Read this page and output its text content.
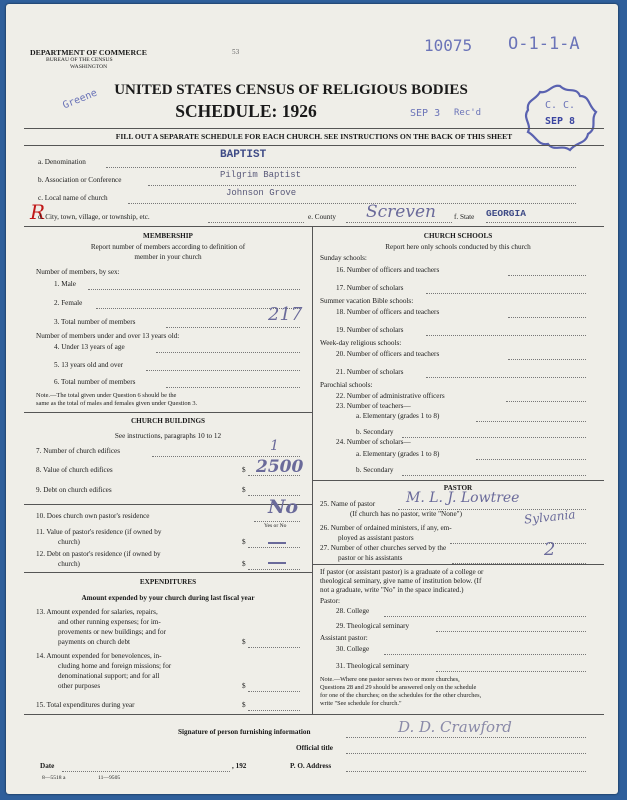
DEPARTMENT OF COMMERCE
BUREAU OF THE CENSUS
WASHINGTON
53
Greene
10075 O-1-1-A
UNITED STATES CENSUS OF RELIGIOUS BODIES
SCHEDULE: 1926	SEP 3 Rec'd
C. C.
SEP 8
FILL OUT A SEPARATE SCHEDULE FOR EACH CHURCH. SEE INSTRUCTIONS ON THE BACK OF THIS SHEET
a. Denomination
BAPTIST
b. Association or Conference	Pilgrim Baptist
c. Local name of church	Johnson Grove
R
d. City, town, village, or township, etc.	e. County Screven	f. State GEORGIA
MEMBERSHIP
Report number of members according to definition of
member in your church
Number of members, by sex:
1. Male
2. Female
3. Total number of members	217
Number of members under and over 13 years old:
4. Under 13 years of age
5. 13 years old and over
6. Total number of members
Note.—The total given under Question 6 should be the
same as the total of males and females given under Question 3.
CHURCH BUILDINGS
See instructions, paragraphs 10 to 12
7. Number of church edifices	1
8. Value of church edifices	$ 2500
9. Debt on church edifices	$
10. Does church own pastor's residence	No
Yes or No
11. Value of pastor's residence (if owned by
church)	$
12. Debt on pastor's residence (if owned by
church)	$
EXPENDITURES
Amount expended by your church during last fiscal year
13. Amount expended for salaries, repairs,
and other running expenses; for im-
provements or new buildings; and for
payments on church debt	$
14. Amount expended for benevolences, in-
cluding home and foreign missions; for
denominational support; and for all
other purposes	$
15. Total expenditures during year	$
CHURCH SCHOOLS
Report here only schools conducted by this church
Sunday schools:
16. Number of officers and teachers
17. Number of scholars
Summer vacation Bible schools:
18. Number of officers and teachers
19. Number of scholars
Week-day religious schools:
20. Number of officers and teachers
21. Number of scholars
Parochial schools:
22. Number of administrative officers
23. Number of teachers—
a. Elementary (grades 1 to 8)
b. Secondary
24. Number of scholars—
a. Elementary (grades 1 to 8)
b. Secondary
PASTOR
25. Name of pastor M. L. J. Lowtree
(If church has no pastor, write "None")	Sylvania
26. Number of ordained ministers, if any, em-
ployed as assistant pastors
27. Number of other churches served by the
pastor or his assistants	2
If pastor (or assistant pastor) is a graduate of a college or
theological seminary, give name of institution below. (If
not a graduate, write "No" in the space indicated.)
Pastor:
28. College
29. Theological seminary
Assistant pastor:
30. College
31. Theological seminary
Note.—Where one pastor serves two or more churches,
Questions 28 and 29 should be answered only on the schedule
for one of the churches; on the schedules for the other churches,
write "See schedule for church."
Signature of person furnishing information	D. D. Crawford
Official title
Date	, 192	P. O. Address
8—5518 a	11—9505
